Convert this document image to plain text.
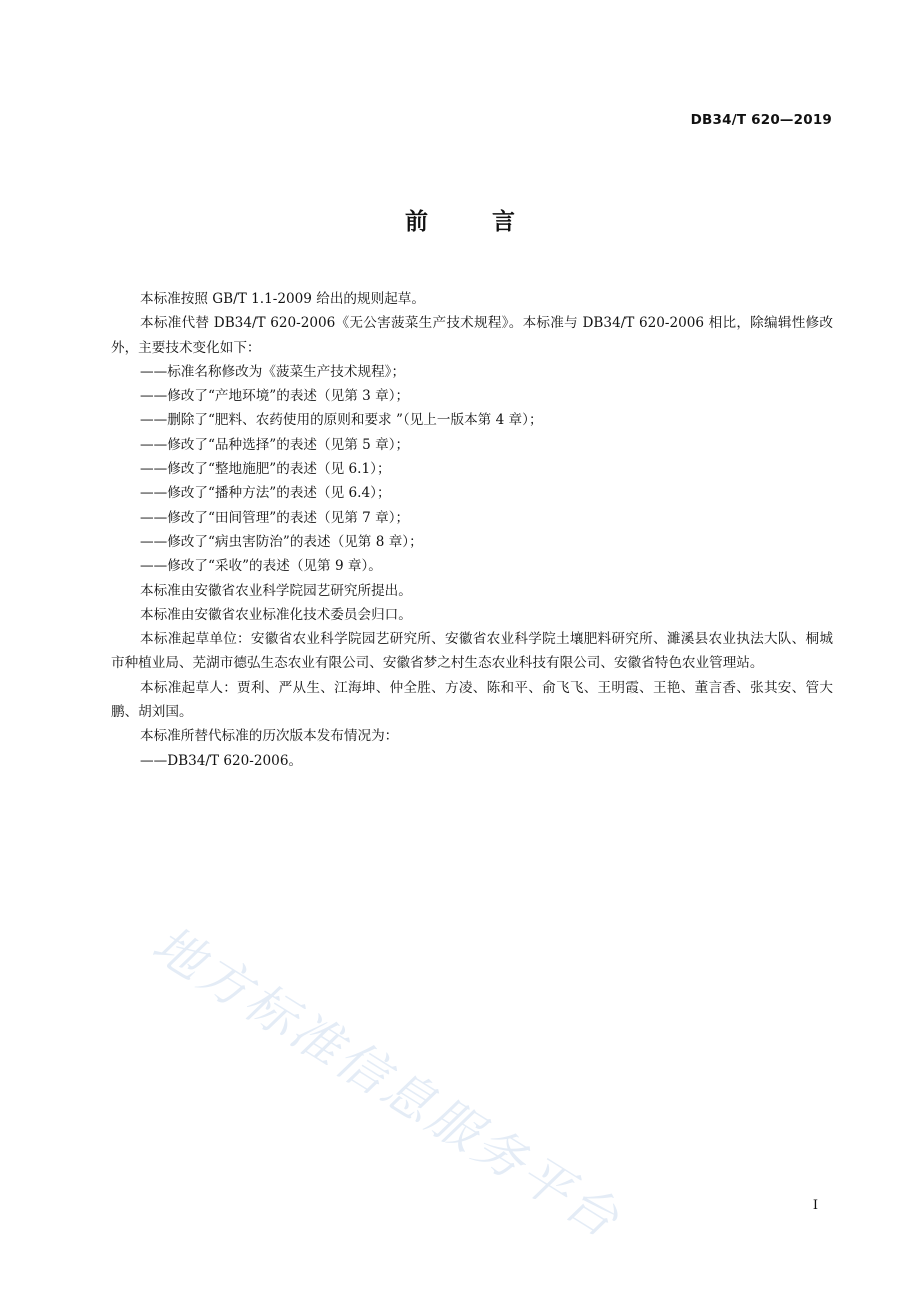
DB34/T 620—2019
前 言

本标准按照 GB/T 1.1-2009 给出的规则起草。

本标准代替 DB34/T 620-2006《无公害菠菜生产技术规程》。本标准与 DB34/T 620-2006 相比，除编辑性修改外，主要技术变化如下：

——标准名称修改为《菠菜生产技术规程》；

——修改了“产地环境”的表述（见第 3 章）；

——删除了“肥料、农药使用的原则和要求 ”（见上一版本第 4 章）；

——修改了“品种选择”的表述（见第 5 章）；

——修改了“整地施肥”的表述（见 6.1）；

——修改了“播种方法”的表述（见 6.4）；

——修改了“田间管理”的表述（见第 7 章）；

——修改了“病虫害防治”的表述（见第 8 章）；

——修改了“采收”的表述（见第 9 章）。

本标准由安徽省农业科学院园艺研究所提出。

本标准由安徽省农业标准化技术委员会归口。

本标准起草单位：安徽省农业科学院园艺研究所、安徽省农业科学院土壤肥料研究所、濉溪县农业执法大队、桐城市种植业局、芜湖市德弘生态农业有限公司、安徽省梦之村生态农业科技有限公司、安徽省特色农业管理站。

本标准起草人：贾利、严从生、江海坤、仲全胜、方凌、陈和平、俞飞飞、王明霞、王艳、董言香、张其安、管大鹏、胡刘国。

本标准所替代标准的历次版本发布情况为：

——DB34/T 620-2006。

地方标准信息服务平台	I
